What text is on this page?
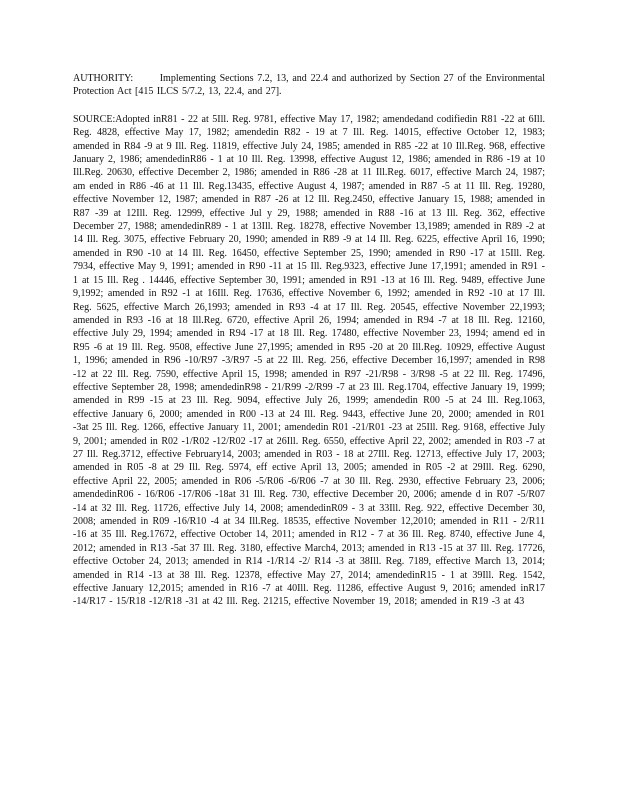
AUTHORITY:	Implementing Sections 7.2, 13, and 22.4 and authorized by Section 27 of the Environmental Protection Act [415 ILCS 5/7.2, 13, 22.4, and 27].

SOURCE:Adopted inR81 - 22 at 5Ill. Reg. 9781, effective May 17, 1982; amendedand codifiedin R81 -22 at 6Ill. Reg. 4828, effective May 17, 1982; amendedin R82 - 19 at 7 Ill. Reg. 14015, effective October 12, 1983; amended in R84 -9 at 9 Ill. Reg. 11819, effective July 24, 1985; amended in R85 -22 at 10 Ill.Reg. 968, effective January 2, 1986; amendedinR86 - 1 at 10 Ill. Reg. 13998, effective August 12, 1986; amended in R86 -19 at 10 Ill.Reg. 20630, effective December 2, 1986; amended in R86 -28 at 11 Ill.Reg. 6017, effective March 24, 1987; am ended in R86 -46 at 11 Ill. Reg.13435, effective August 4, 1987; amended in R87 -5 at 11 Ill. Reg. 19280, effective November 12, 1987; amended in R87 -26 at 12 Ill. Reg.2450, effective January 15, 1988; amended in R87 -39 at 12Ill. Reg. 12999, effective Jul y 29, 1988; amended in R88 -16 at 13 Ill. Reg. 362, effective December 27, 1988; amendedinR89 - 1 at 13Ill. Reg. 18278, effective November 13,1989; amended in R89 -2 at 14 Ill. Reg. 3075, effective February 20, 1990; amended in R89 -9 at 14 Ill. Reg. 6225, effective April 16, 1990; amended in R90 -10 at 14 Ill. Reg. 16450, effective September 25, 1990; amended in R90 -17 at 15Ill. Reg. 7934, effective May 9, 1991; amended in R90 -11 at 15 Ill. Reg.9323, effective June 17,1991; amended in R91 - 1 at 15 Ill. Reg . 14446, effective September 30, 1991; amended in R91 -13 at 16 Ill. Reg. 9489, effective June 9,1992; amended in R92 -1 at 16Ill. Reg. 17636, effective November 6, 1992; amended in R92 -10 at 17 Ill. Reg. 5625, effective March 26,1993; amended in R93 -4 at 17 Ill. Reg. 20545, effective November 22,1993; amended in R93 -16 at 18 Ill.Reg. 6720, effective April 26, 1994; amended in R94 -7 at 18 Ill. Reg. 12160, effective July 29, 1994; amended in R94 -17 at 18 Ill. Reg. 17480, effective November 23, 1994; amend ed in R95 -6 at 19 Ill. Reg. 9508, effective June 27,1995; amended in R95 -20 at 20 Ill.Reg. 10929, effective August 1, 1996; amended in R96 -10/R97 -3/R97 -5 at 22 Ill. Reg. 256, effective December 16,1997; amended in R98 -12 at 22 Ill. Reg. 7590, effective April 15, 1998; amended in R97 -21/R98 - 3/R98 -5 at 22 Ill. Reg. 17496, effective September 28, 1998; amendedinR98 - 21/R99 -2/R99 -7 at 23 Ill. Reg.1704, effective January 19, 1999; amended in R99 -15 at 23 Ill. Reg. 9094, effective July 26, 1999; amendedin R00 -5 at 24 Ill. Reg.1063, effective January 6, 2000; amended in R00 -13 at 24 Ill. Reg. 9443, effective June 20, 2000; amended in R01 -3at 25 Ill. Reg. 1266, effective January 11, 2001; amendedin R01 -21/R01 -23 at 25Ill. Reg. 9168, effective July 9, 2001; amended in R02 -1/R02 -12/R02 -17 at 26Ill. Reg. 6550, effective April 22, 2002; amended in R03 -7 at 27 Ill. Reg.3712, effective February14, 2003; amended in R03 - 18 at 27Ill. Reg. 12713, effective July 17, 2003; amended in R05 -8 at 29 Ill. Reg. 5974, eff ective April 13, 2005; amended in R05 -2 at 29Ill. Reg. 6290, effective April 22, 2005; amended in R06 -5/R06 -6/R06 -7 at 30 Ill. Reg. 2930, effective February 23, 2006; amendedinR06 - 16/R06 -17/R06 -18at 31 Ill. Reg. 730, effective December 20, 2006; amende d in R07 -5/R07 -14 at 32 Ill. Reg. 11726, effective July 14, 2008; amendedinR09 - 3 at 33Ill. Reg. 922, effective December 30, 2008; amended in R09 -16/R10 -4 at 34 Ill.Reg. 18535, effective November 12,2010; amended in R11 - 2/R11 -16 at 35 Ill. Reg.17672, effective October 14, 2011; amended in R12 - 7 at 36 Ill. Reg. 8740, effective June 4, 2012; amended in R13 -5at 37 Ill. Reg. 3180, effective March4, 2013; amended in R13 -15 at 37 Ill. Reg. 17726, effective October 24, 2013; amended in R14 -1/R14 -2/ R14 -3 at 38Ill. Reg. 7189, effective March 13, 2014; amended in R14 -13 at 38 Ill. Reg. 12378, effective May 27, 2014; amendedinR15 - 1 at 39Ill. Reg. 1542, effective January 12,2015; amended in R16 -7 at 40Ill. Reg. 11286, effective August 9, 2016; amended inR17 -14/R17 - 15/R18 -12/R18 -31 at 42 Ill. Reg. 21215, effective November 19, 2018; amended in R19 -3 at 43
